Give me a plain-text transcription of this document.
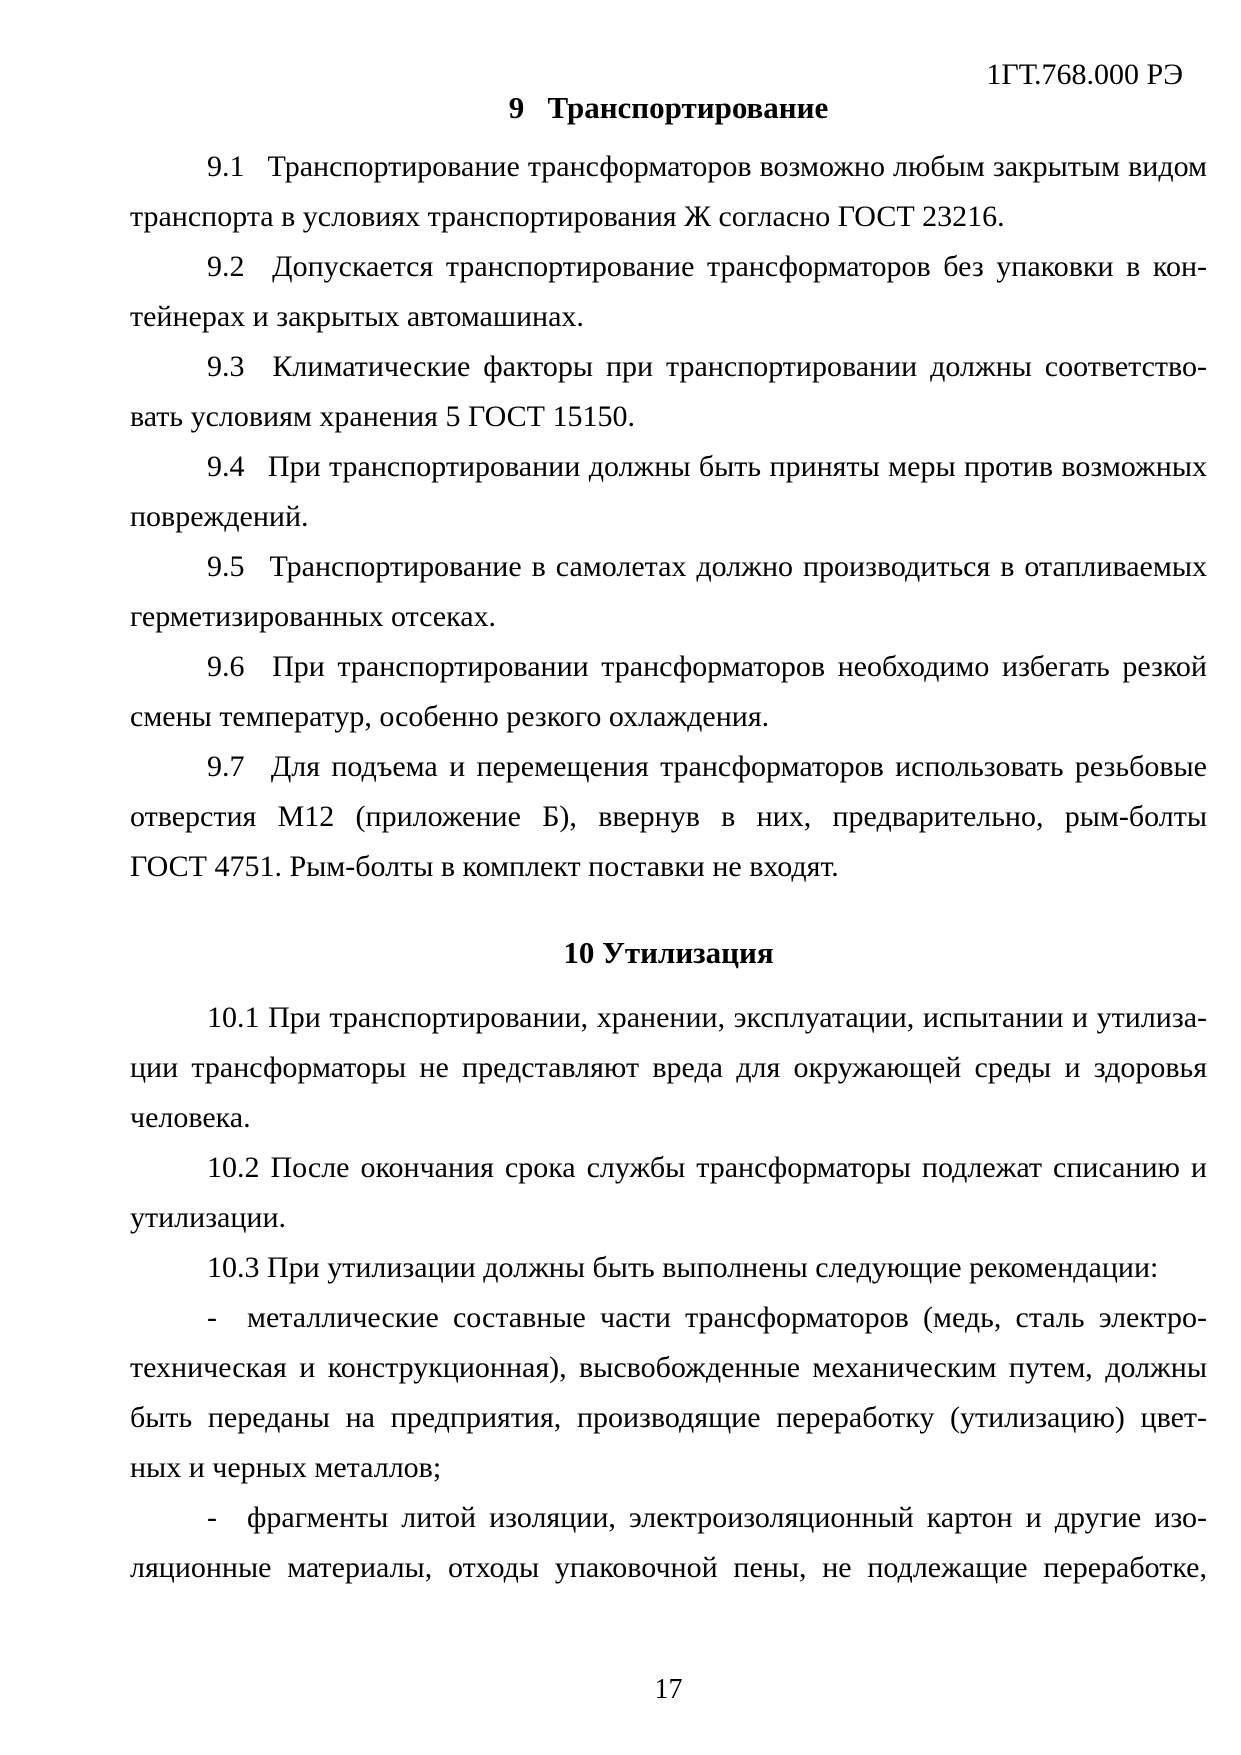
1ГТ.768.000 РЭ
9  Транспортирование
9.1  Транспортирование трансформаторов возможно любым закрытым видом
транспорта в условиях транспортирования Ж согласно ГОСТ 23216.
9.2  Допускается транспортирование трансформаторов без упаковки в кон-
тейнерах и закрытых автомашинах.
9.3  Климатические факторы при транспортировании должны соответство-
вать условиям хранения 5 ГОСТ 15150.
9.4  При транспортировании должны быть приняты меры против возможных
повреждений.
9.5  Транспортирование в самолетах должно производиться в отапливаемых
герметизированных отсеках.
9.6  При транспортировании трансформаторов необходимо избегать резкой
смены температур, особенно резкого охлаждения.
9.7  Для подъема и перемещения трансформаторов использовать резьбовые
отверстия М12 (приложение Б), ввернув в них, предварительно, рым-болты
ГОСТ 4751. Рым-болты в комплект поставки не входят.
10 Утилизация
10.1 При транспортировании, хранении, эксплуатации, испытании и утилиза-
ции трансформаторы не представляют вреда для окружающей среды и здоровья
человека.
10.2 После окончания срока службы трансформаторы подлежат списанию и
утилизации.
10.3 При утилизации должны быть выполнены следующие рекомендации:
-  металлические составные части трансформаторов (медь, сталь электро-
техническая и конструкционная), высвобожденные механическим путем, должны
быть переданы на предприятия, производящие переработку (утилизацию) цвет-
ных и черных металлов;
-  фрагменты литой изоляции, электроизоляционный картон и другие изо-
ляционные материалы, отходы упаковочной пены, не подлежащие переработке,
17
